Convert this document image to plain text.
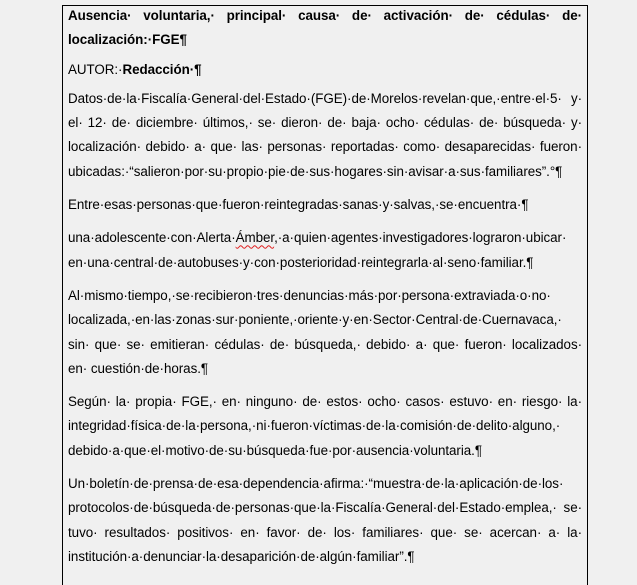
Ausencia· voluntaria,· principal· causa· de· activación· de· cédulas· de· localización:·FGE¶

AUTOR:·Redacción·¶

Datos·de·la·Fiscalía·General·del·Estado·(FGE)·de·Morelos·revelan·que,·entre·el·5· y· el· 12· de· diciembre· últimos,· se· dieron· de· baja· ocho· cédulas· de· búsqueda· y· localización· debido· a· que· las· personas· reportadas· como· desaparecidas· fueron· ubicadas:·“salieron·por·su·propio·pie·de·sus·hogares·sin·avisar·a·sus·familiares”.°¶

Entre·esas·personas·que·fueron·reintegradas·sanas·y·salvas,·se·encuentra·¶

una·adolescente·con·Alerta·Ámber,·a·quien·agentes·investigadores·lograron·ubicar· en·una·central·de·autobuses·y·con·posterioridad·reintegrarla·al·seno·familiar.¶

Al·mismo·tiempo,·se·recibieron·tres·denuncias·más·por·persona·extraviada·o·no· localizada,·en·las·zonas·sur·poniente,·oriente·y·en·Sector·Central·de·Cuernavaca,· sin· que· se· emitieran· cédulas· de· búsqueda,· debido· a· que· fueron· localizados· en· cuestión·de·horas.¶

Según· la· propia· FGE,· en· ninguno· de· estos· ocho· casos· estuvo· en· riesgo· la· integridad·física·de·la·persona,·ni·fueron·víctimas·de·la·comisión·de·delito·alguno,· debido·a·que·el·motivo·de·su·búsqueda·fue·por·ausencia·voluntaria.¶

Un·boletín·de·prensa·de·esa·dependencia·afirma:·“muestra·de·la·aplicación·de·los· protocolos·de·búsqueda·de·personas·que·la·Fiscalía·General·del·Estado·emplea,· se· tuvo· resultados· positivos· en· favor· de· los· familiares· que· se· acercan· a· la· institución·a·denunciar·la·desaparición·de·algún·familiar”.¶
